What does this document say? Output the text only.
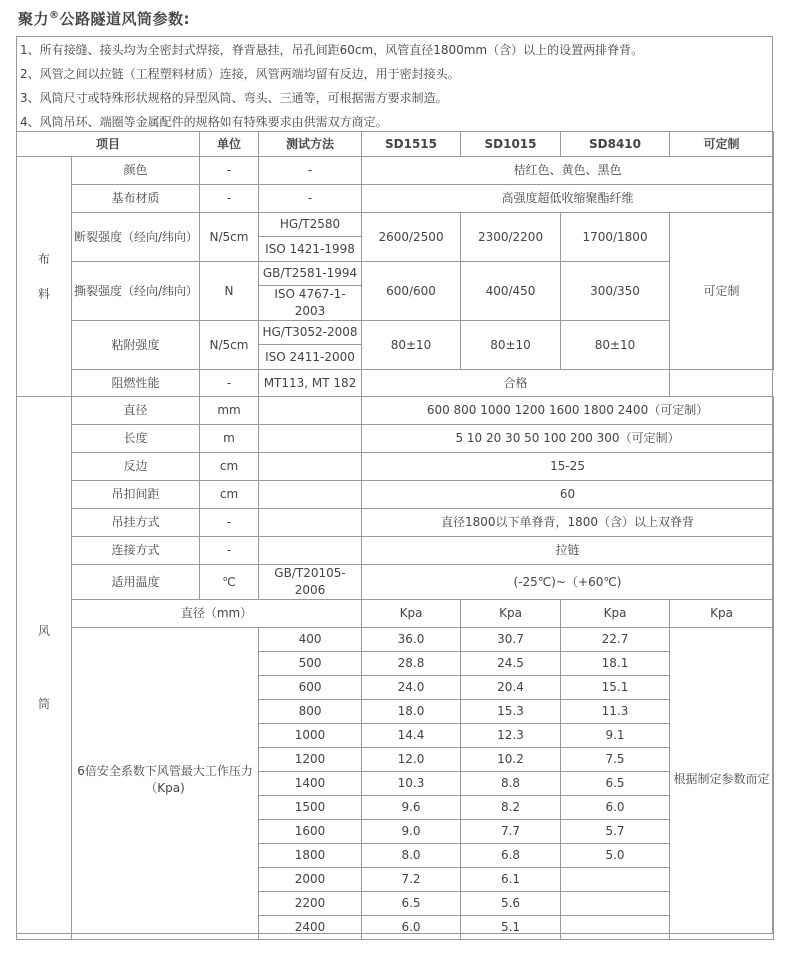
聚力®公路隧道风筒参数:
1、所有接缝、接头均为全密封式焊接，脊背悬挂，吊孔间距60cm，风管直径1800mm（含）以上的设置两排脊背。
2、风管之间以拉链（工程塑料材质）连接，风管两端均留有反边，用于密封接头。
3、风筒尺寸或特殊形状规格的异型风筒、弯头、三通等，可根据需方要求制造。
4、风筒吊环、端圈等金属配件的规格如有特殊要求由供需双方商定。
项目		单位	测试方法	SD1515	SD1015	SD8410	可定制

布
料	颜色	-	-	桔红色、黄色、黑色			
	基布材质	-	-	高强度超低收缩聚酯纤维			
	断裂强度（经向/纬向）	N/5cm	HG/T2580	2600/2500	2300/2200	1700/1800	可定制
			ISO 1421-1998				
	撕裂强度（经向/纬向）	N	GB/T2581-1994	600/600	400/450	300/350	
			ISO 4767-1-2003				
	粘附强度	N/5cm	HG/T3052-2008	80±10	80±10	80±10	
			ISO 2411-2000				
	阻燃性能	-	MT113, MT 182	合格			

风
筒	直径	mm		600 800 1000 1200 1600 1800 2400（可定制）			
	长度	m		5 10 20 30 50 100 200 300（可定制）			
	反边	cm		15-25			
	吊扣间距	cm		60			
	吊挂方式	-		直径1800以下单脊背，1800（含）以上双脊背			
	连接方式	-		拉链			
	适用温度	℃	GB/T20105-2006	(-25℃)~（+60℃)			
	直径（mm）			Kpa	Kpa	Kpa	Kpa

	6倍安全系数下风管最大工作压力
（Kpa)		400	36.0	30.7	22.7	根据制定参数而定
			500	28.8	24.5	18.1	
			600	24.0	20.4	15.1	
			800	18.0	15.3	11.3	
			1000	14.4	12.3	9.1	
			1200	12.0	10.2	7.5	
			1400	10.3	8.8	6.5	
			1500	9.6	8.2	6.0	
			1600	9.0	7.7	5.7	
			1800	8.0	6.8	5.0	
			2000	7.2	6.1		
			2200	6.5	5.6		
			2400	6.0	5.1		
